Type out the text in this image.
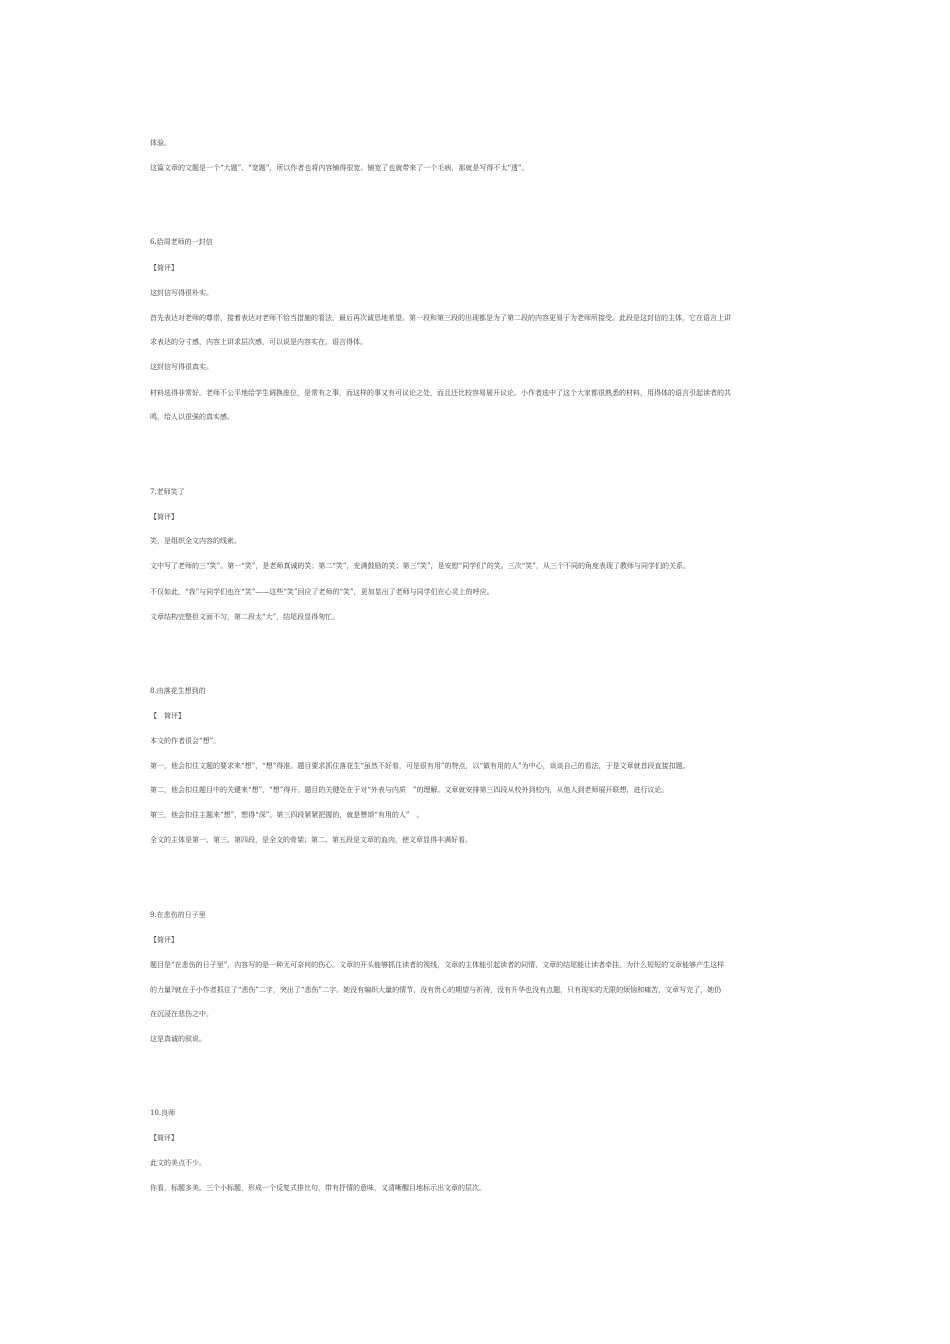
体验。
这篇文章的文题是一个“大题”、“宽题”，所以作者也将内容铺得很宽。铺宽了也就带来了一个毛病，那就是写得不太“透”。
6.给周老师的一封信
【简评】
这封信写得很朴实。
首先表达对老师的尊崇，接着表达对老师不恰当措施的看法，最后再次诚恳地希望。第一段和第三段的出现都是为了第二段的内容更易于为老师所接受。此段是这封信的主体，它在语言上讲
求表达的分寸感，内容上讲求层次感，可以说是内容实在，语言得体。
这封信写得很真实。
材料选得非常好。老师不公平地给学生调换座位，是常有之事，而这样的事又有可议论之处，而且还比较容易展开议论。小作者选中了这个大家都很熟悉的材料，用得体的语言引起读者的共
鸣，给人以很强的真实感。
7.老师笑了
【简评】
笑，是组织全文内容的线索。
文中写了老师的三“笑”。第一“笑”，是老师真诚的笑；第二“笑”，充满鼓励的笑；第三“笑”，是安慰“同学们”的笑。三次“笑”，从三个不同的角度表现了教师与同学们的关系。
不仅如此，“我”与同学们也在“笑”——这些“笑”回应了老师的“笑”，更加显出了老师与同学们在心灵上的呼应。
文章结构完整但文面不匀，第二段太“大”，结尾段显得匆忙。
8.由落花生想到的
【　简评】
本文的作者很会“想”。
第一，他会扣住文题的要求来“想”，“想”得准。题目要求抓住落花生“虽然不好看，可是很有用”的特点，以“做有用的人”为中心，谈谈自己的看法，于是文章就首段直接扣题。
第二，他会扣住题目中的关键来“想”，“想”得开。题目的关键处在于对“外表与内质　”的理解。文章就安排第三四段从校外到校内，从他人到老师展开联想，进行议论。
第三，他会扣住主题来“想”，想得“深”。第三四段紧紧把握的，就是赞颂“有用的人”　。
全文的主体是第一、第三、第四段，是全文的骨架；第二、第五段是文章的血肉，使文章显得丰满好看。
9.在悲伤的日子里
【简评】
题目是“在悲伤的日子里”，内容写的是一种无可奈何的伤心。文章的开头能够抓住读者的视线，文章的主体能引起读者的同情，文章的结尾能让读者牵挂。为什么短短的文章能够产生这样
的力量?就在于小作者抓住了“悲伤”二字，突出了“悲伤”二字。她没有编织大量的情节，没有贵心的期望与祈祷，没有升华也没有点题，只有现实的无限的烦恼和痛苦，文章写完了，她仍
在沉浸在悲伤之中。
这是真诚的叙说。
10.良师
【简评】
此文的美点不少。
你看，标题多美。三个小标题，形成一个反复式排比句，带有抒情的意味，又清晰醒目地标示出文章的层次。
